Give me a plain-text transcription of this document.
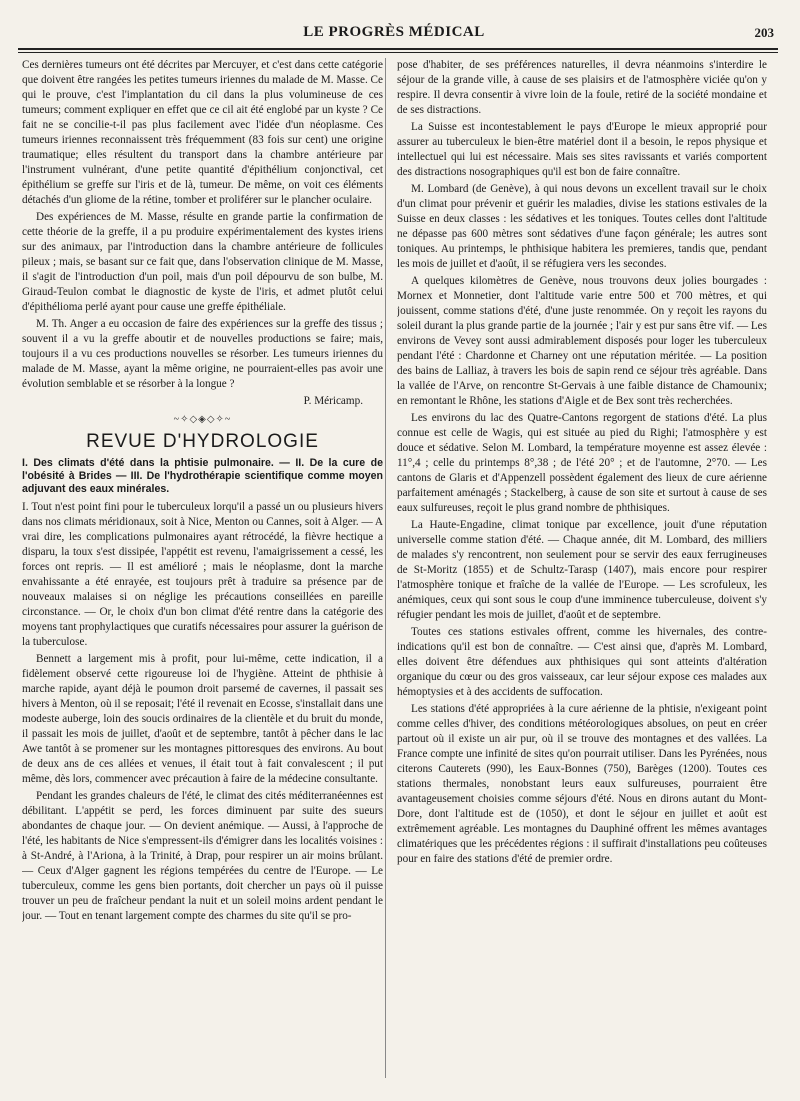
LE PROGRÈS MÉDICAL	203

Ces dernières tumeurs ont été décrites par Mercuyer, et c'est dans cette catégorie que doivent être rangées les petites tumeurs iriennes du malade de M. Masse. Ce qui le prouve, c'est l'implantation du cil dans la plus volumineuse de ces tumeurs; comment expliquer en effet que ce cil ait été englobé par un kyste ? Ce fait ne se concilie-t-il pas plus facilement avec l'idée d'un néoplasme. Ces tumeurs iriennes reconnaissent très fréquemment (83 fois sur cent) une origine traumatique; elles résultent du transport dans la chambre antérieure par l'instrument vulnérant, d'une petite quantité d'épithélium conjonctival, cet épithélium se greffe sur l'iris et de là, tumeur. De même, on voit ces éléments détachés d'un gliome de la rétine, tomber et proliférer sur le plancher oculaire.

Des expériences de M. Masse, résulte en grande partie la confirmation de cette théorie de la greffe, il a pu produire expérimentalement des kystes iriens sur des animaux, par l'introduction dans la chambre antérieure de follicules pileux ; mais, se basant sur ce fait que, dans l'observation clinique de M. Masse, il s'agit de l'introduction d'un poil, mais d'un poil dépourvu de son bulbe, M. Giraud-Teulon combat le diagnostic de kyste de l'iris, et admet plutôt celui d'épithélioma perlé ayant pour cause une greffe épithéliale.

M. Th. Anger a eu occasion de faire des expériences sur la greffe des tissus ; souvent il a vu la greffe aboutir et de nouvelles productions se faire; mais, toujours il a vu ces productions nouvelles se résorber. Les tumeurs iriennes du malade de M. Masse, ayant la même origine, ne pourraient-elles pas avoir une évolution semblable et se résorber à la longue ?

P. Méricamp.
~✧◇◈◇✧~
REVUE D'HYDROLOGIE
I. Des climats d'été dans la phtisie pulmonaire. — II. De la cure de l'obésité à Brides — III. De l'hydrothérapie scientifique comme moyen adjuvant des eaux minérales.

I. Tout n'est point fini pour le tuberculeux lorqu'il a passé un ou plusieurs hivers dans nos climats méridionaux, soit à Nice, Menton ou Cannes, soit à Alger. — A vrai dire, les complications pulmonaires ayant rétrocédé, la fièvre hectique a disparu, la toux s'est dissipée, l'appétit est revenu, l'amaigrissement a cessé, les forces ont repris. — Il est amélioré ; mais le néoplasme, dont la marche envahissante a été enrayée, est toujours prêt à traduire sa présence par de nouveaux malaises si on néglige les précautions conseillées en pareille circonstance. — Or, le choix d'un bon climat d'été rentre dans la catégorie des moyens tant prophylactiques que curatifs nécessaires pour assurer la guérison de la tuberculose.

Bennett a largement mis à profit, pour lui-même, cette indication, il a fidèlement observé cette rigoureuse loi de l'hygiène. Atteint de phthisie à marche rapide, ayant déjà le poumon droit parsemé de cavernes, il passait ses hivers à Menton, où il se reposait; l'été il revenait en Ecosse, s'installait dans une modeste auberge, loin des soucis ordinaires de la clientèle et du bruit du monde, il passait les mois de juillet, d'août et de septembre, tantôt à pêcher dans le lac Awe tantôt à se promener sur les montagnes pittoresques des environs. Au bout de deux ans de ces allées et venues, il était tout à fait convalescent ; il put même, dès lors, commencer avec précaution à faire de la médecine consultante.

Pendant les grandes chaleurs de l'été, le climat des cités méditerranéennes est débilitant. L'appétit se perd, les forces diminuent par suite des sueurs abondantes de chaque jour. — On devient anémique. — Aussi, à l'approche de l'été, les habitants de Nice s'empressent-ils d'émigrer dans les localités voisines : à St-André, à l'Ariona, à la Trinité, à Drap, pour respirer un air moins brûlant. — Ceux d'Alger gagnent les régions tempérées du centre de l'Europe. — Le tuberculeux, comme les gens bien portants, doit chercher un pays où il puisse trouver un peu de fraîcheur pendant la nuit et un soleil moins ardent pendant le jour. — Tout en tenant largement compte des charmes du site qu'il se pro-

pose d'habiter, de ses préférences naturelles, il devra néanmoins s'interdire le séjour de la grande ville, à cause de ses plaisirs et de l'atmosphère viciée qu'on y respire. Il devra consentir à vivre loin de la foule, retiré de la société mondaine et de ses distractions.

La Suisse est incontestablement le pays d'Europe le mieux approprié pour assurer au tuberculeux le bien-être matériel dont il a besoin, le repos physique et intellectuel qui lui est nécessaire. Mais ses sites ravissants et variés comportent des distractions nosographiques qu'il est bon de faire connaître.

M. Lombard (de Genève), à qui nous devons un excellent travail sur le choix d'un climat pour prévenir et guérir les maladies, divise les stations estivales de la Suisse en deux classes : les sédatives et les toniques. Toutes celles dont l'altitude ne dépasse pas 600 mètres sont sédatives d'une façon générale; les autres sont toniques. Au printemps, le phthisique habitera les premieres, tandis que, pendant les mois de juillet et d'août, il se réfugiera vers les secondes.

A quelques kilomètres de Genève, nous trouvons deux jolies bourgades : Mornex et Monnetier, dont l'altitude varie entre 500 et 700 mètres, et qui jouissent, comme stations d'été, d'une juste renommée. On y reçoit les rayons du soleil durant la plus grande partie de la journée ; l'air y est pur sans être vif. — Les environs de Vevey sont aussi admirablement disposés pour loger les tuberculeux pendant l'été : Chardonne et Charney ont une réputation méritée. — La position des bains de Lalliaz, à travers les bois de sapin rend ce séjour très agréable. Dans la vallée de l'Arve, on rencontre St-Gervais à une faible distance de Chamounix; en remontant le Rhône, les stations d'Aigle et de Bex sont très recherchées.

Les environs du lac des Quatre-Cantons regorgent de stations d'été. La plus connue est celle de Wagis, qui est située au pied du Righi; l'atmosphère y est douce et sédative. Selon M. Lombard, la température moyenne est assez élevée : 11°,4 ; celle du printemps 8°,38 ; de l'été 20° ; et de l'automne, 2°70. — Les cantons de Glaris et d'Appenzell possèdent également des lieux de cure aérienne parfaitement aménagés ; Stackelberg, à cause de son site et surtout à cause de ses eaux sulfureuses, reçoit le plus grand nombre de phthisiques.

La Haute-Engadine, climat tonique par excellence, jouit d'une réputation universelle comme station d'été. — Chaque année, dit M. Lombard, des milliers de malades s'y rencontrent, non seulement pour se servir des eaux ferrugineuses de St-Moritz (1855) et de Schultz-Tarasp (1407), mais encore pour respirer l'atmosphère tonique et fraîche de la vallée de l'Europe. — Les scrofuleux, les anémiques, ceux qui sont sous le coup d'une imminence tuberculeuse, doivent s'y réfugier pendant les mois de juillet, d'août et de septembre.

Toutes ces stations estivales offrent, comme les hivernales, des contre-indications qu'il est bon de connaître. — C'est ainsi que, d'après M. Lombard, elles doivent être défendues aux phthisiques qui sont atteints d'altération organique du cœur ou des gros vaisseaux, car leur séjour expose ces malades aux hémoptysies et à des accidents de suffocation.

Les stations d'été appropriées à la cure aérienne de la phtisie, n'exigeant point comme celles d'hiver, des conditions météorologiques absolues, on peut en créer partout où il existe un air pur, où il se trouve des montagnes et des vallées. La France compte une infinité de sites qu'on pourrait utiliser. Dans les Pyrénées, nous citerons Cauterets (990), les Eaux-Bonnes (750), Barèges (1200). Toutes ces stations thermales, nonobstant leurs eaux sulfureuses, pourraient être avantageusement choisies comme séjours d'été. Nous en dirons autant du Mont-Dore, dont l'altitude est de (1050), et dont le séjour en juillet et août est extrêmement agréable. Les montagnes du Dauphiné offrent les mêmes avantages climatériques que les précédentes régions : il suffirait d'installations peu coûteuses pour en faire des stations d'été de premier ordre.
